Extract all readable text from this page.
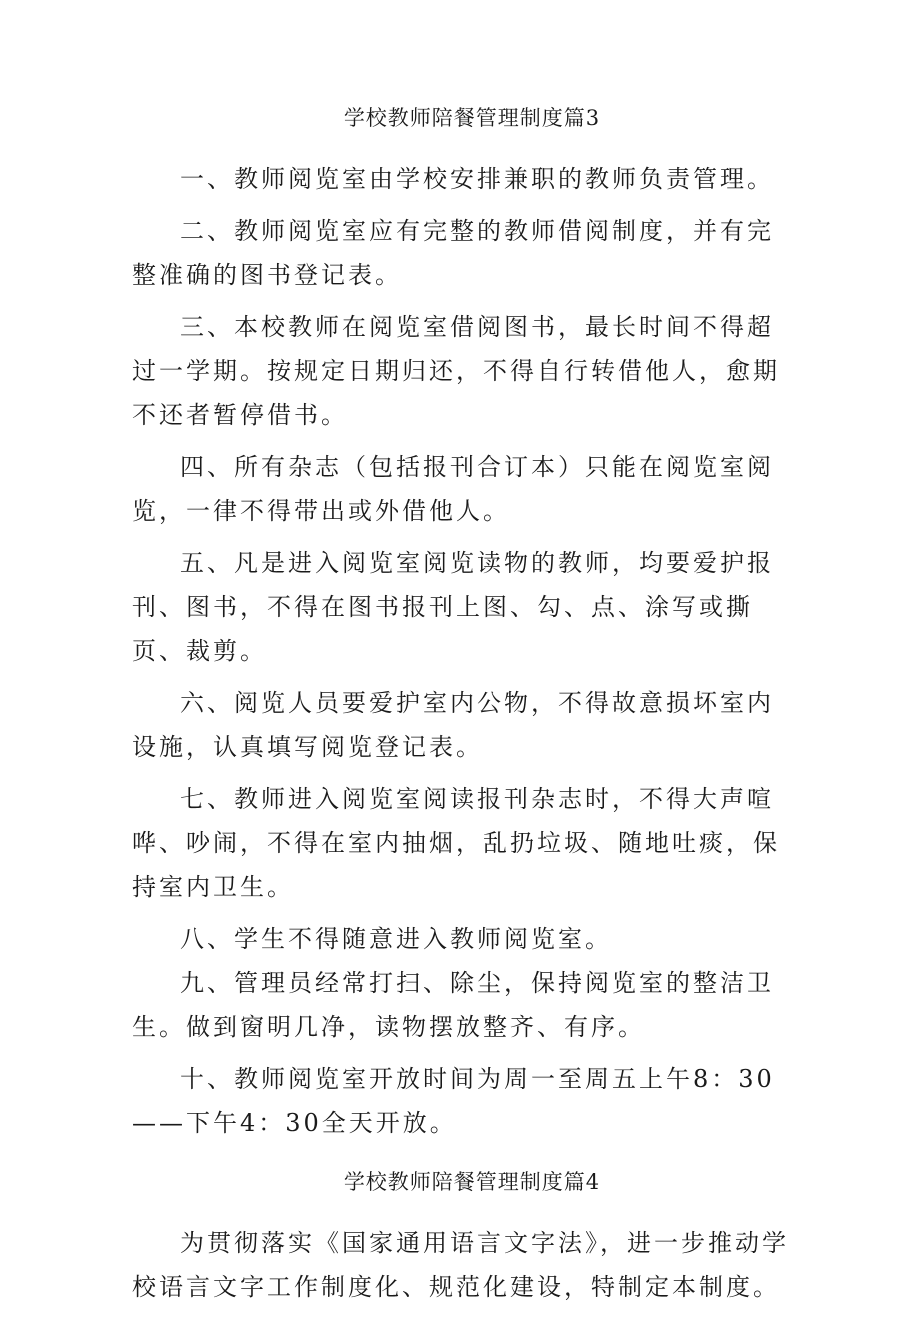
学校教师陪餐管理制度篇3

一、教师阅览室由学校安排兼职的教师负责管理。

二、教师阅览室应有完整的教师借阅制度，并有完整准确的图书登记表。

三、本校教师在阅览室借阅图书，最长时间不得超过一学期。按规定日期归还，不得自行转借他人，愈期不还者暂停借书。

四、所有杂志（包括报刊合订本）只能在阅览室阅览，一律不得带出或外借他人。

五、凡是进入阅览室阅览读物的教师，均要爱护报刊、图书，不得在图书报刊上图、勾、点、涂写或撕页、裁剪。

六、阅览人员要爱护室内公物，不得故意损坏室内设施，认真填写阅览登记表。

七、教师进入阅览室阅读报刊杂志时，不得大声喧哗、吵闹，不得在室内抽烟，乱扔垃圾、随地吐痰，保持室内卫生。

八、学生不得随意进入教师阅览室。

九、管理员经常打扫、除尘，保持阅览室的整洁卫生。做到窗明几净，读物摆放整齐、有序。

十、教师阅览室开放时间为周一至周五上午8：30——下午4：30全天开放。

学校教师陪餐管理制度篇4

为贯彻落实《国家通用语言文字法》，进一步推动学校语言文字工作制度化、规范化建设，特制定本制度。
